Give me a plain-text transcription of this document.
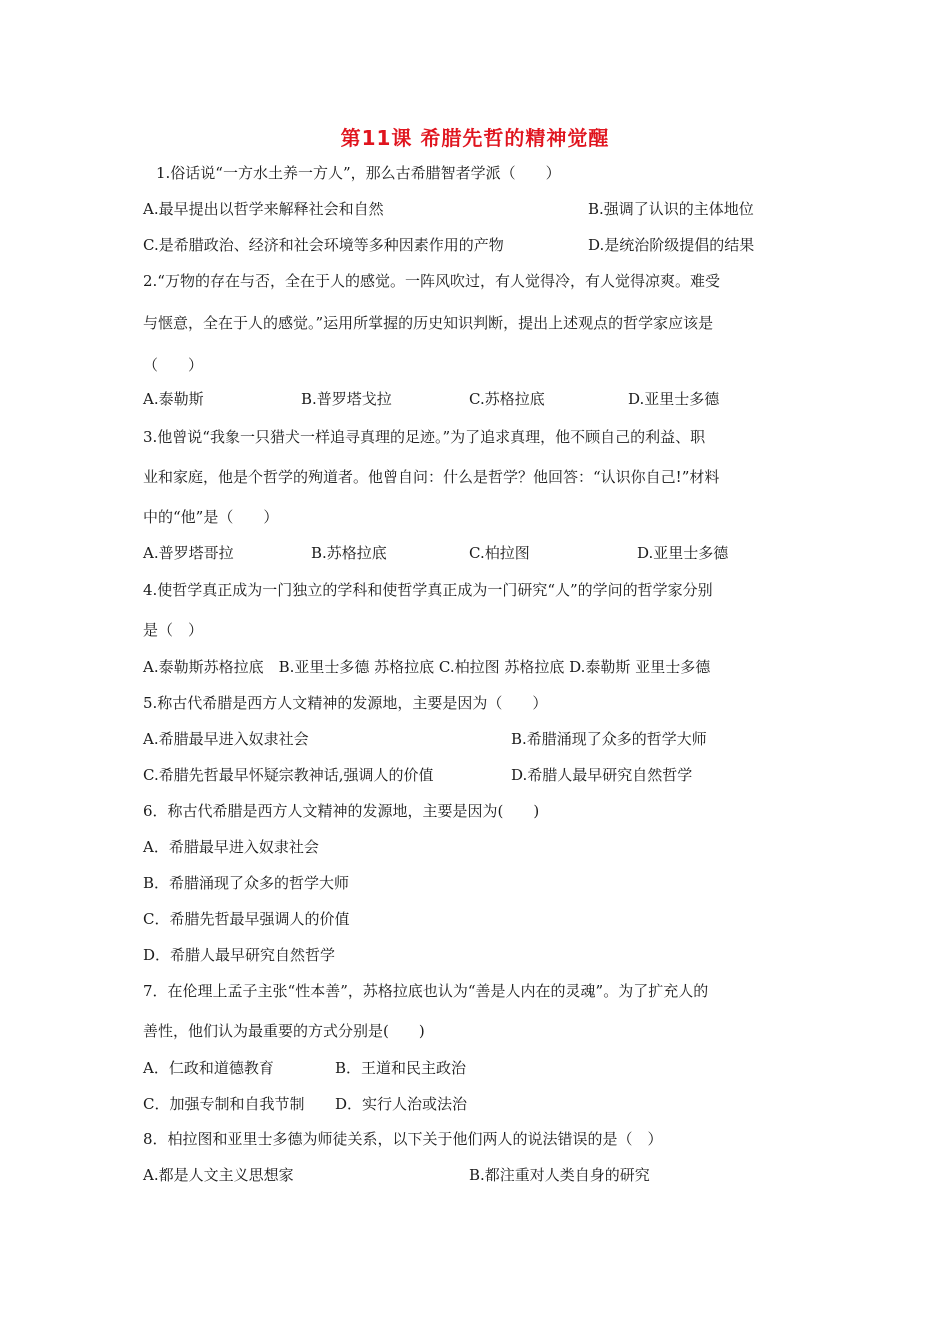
第11课 希腊先哲的精神觉醒
1.俗话说“一方水土养一方人”，那么古希腊智者学派（　　）
A.最早提出以哲学来解释社会和自然	B.强调了认识的主体地位
C.是希腊政治、经济和社会环境等多种因素作用的产物	D.是统治阶级提倡的结果
2.“万物的存在与否，全在于人的感觉。一阵风吹过，有人觉得冷，有人觉得凉爽。难受
与惬意，全在于人的感觉。”运用所掌握的历史知识判断，提出上述观点的哲学家应该是
（　　）
A.泰勒斯	B.普罗塔戈拉	C.苏格拉底	D.亚里士多德
3.他曾说“我象一只猎犬一样追寻真理的足迹。”为了追求真理，他不顾自己的利益、职
业和家庭，他是个哲学的殉道者。他曾自问：什么是哲学？他回答：“认识你自己!”材料
中的“他”是（　　）
A.普罗塔哥拉	B.苏格拉底	C.柏拉图	D.亚里士多德
4.使哲学真正成为一门独立的学科和使哲学真正成为一门研究“人”的学问的哲学家分别
是（　）
A.泰勒斯苏格拉底　B.亚里士多德 苏格拉底 C.柏拉图 苏格拉底 D.泰勒斯 亚里士多德
5.称古代希腊是西方人文精神的发源地，主要是因为（　　）
A.希腊最早进入奴隶社会	B.希腊涌现了众多的哲学大师
C.希腊先哲最早怀疑宗教神话,强调人的价值	D.希腊人最早研究自然哲学
6．称古代希腊是西方人文精神的发源地，主要是因为(　　)
A．希腊最早进入奴隶社会
B．希腊涌现了众多的哲学大师
C．希腊先哲最早强调人的价值
D．希腊人最早研究自然哲学
7．在伦理上孟子主张“性本善”，苏格拉底也认为“善是人内在的灵魂”。为了扩充人的
善性，他们认为最重要的方式分别是(　　)
A．仁政和道德教育	B．王道和民主政治
C．加强专制和自我节制 D．实行人治或法治
8．柏拉图和亚里士多德为师徒关系，以下关于他们两人的说法错误的是（　）
A.都是人文主义思想家	B.都注重对人类自身的研究
